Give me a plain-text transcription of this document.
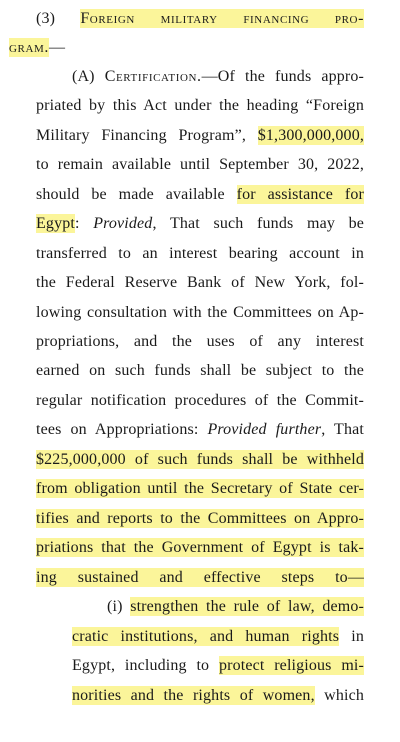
(3) Foreign military financing pro-
gram.—
(A) Certification.—Of the funds appro-
priated by this Act under the heading “Foreign
Military Financing Program”, $1,300,000,000,
to remain available until September 30, 2022,
should be made available for assistance for
Egypt: Provided, That such funds may be
transferred to an interest bearing account in
the Federal Reserve Bank of New York, fol-
lowing consultation with the Committees on Ap-
propriations, and the uses of any interest
earned on such funds shall be subject to the
regular notification procedures of the Commit-
tees on Appropriations: Provided further, That
$225,000,000 of such funds shall be withheld
from obligation until the Secretary of State cer-
tifies and reports to the Committees on Appro-
priations that the Government of Egypt is tak-
ing sustained and effective steps to—
(i) strengthen the rule of law, demo-
cratic institutions, and human rights in
Egypt, including to protect religious mi-
norities and the rights of women, which
